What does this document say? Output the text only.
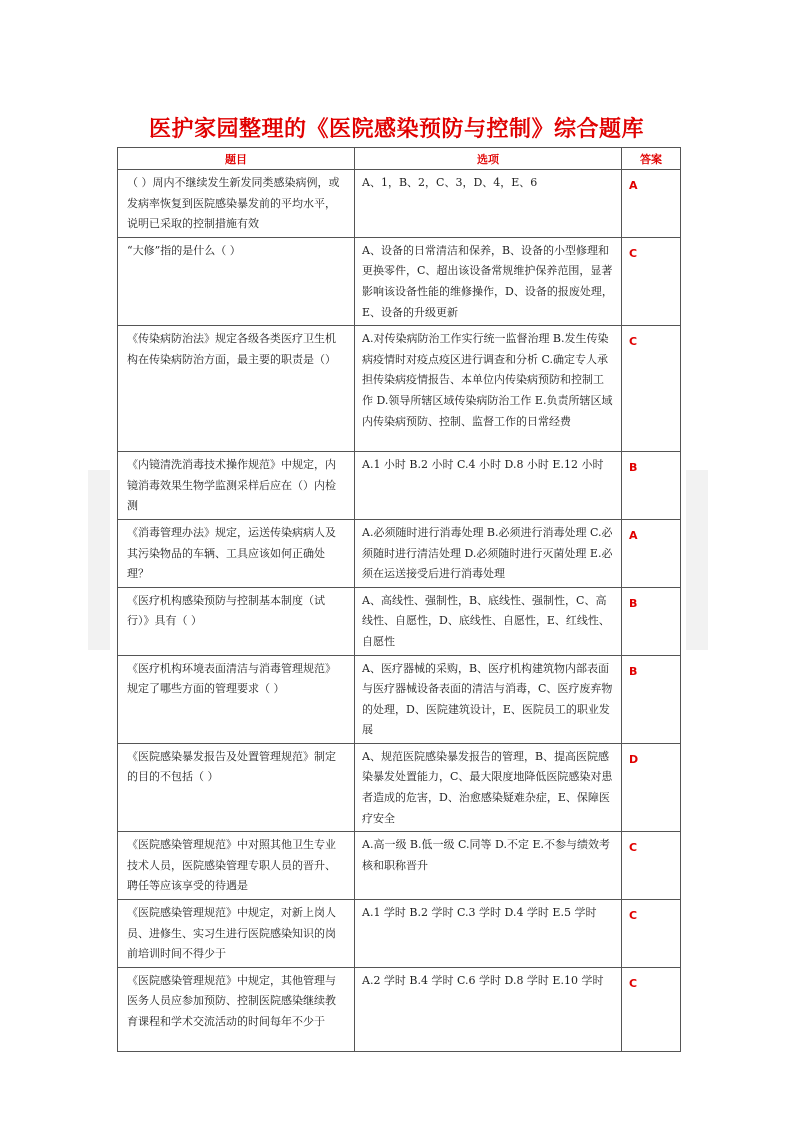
医护家园整理的《医院感染预防与控制》综合题库
题目	选项	答案
（ ）周内不继续发生新发同类感染病例，或发病率恢复到医院感染暴发前的平均水平，说明已采取的控制措施有效	A、1，B、2，C、3，D、4，E、6	A
“大修”指的是什么（ ）	A、设备的日常清洁和保养，B、设备的小型修理和更换零件，C、超出该设备常规维护保养范围，显著影响该设备性能的维修操作，D、设备的报废处理，E、设备的升级更新	C
《传染病防治法》规定各级各类医疗卫生机构在传染病防治方面，最主要的职责是（）	A.对传染病防治工作实行统一监督治理 B.发生传染病疫情时对疫点疫区进行调查和分析 C.确定专人承担传染病疫情报告、本单位内传染病预防和控制工作 D.领导所辖区域传染病防治工作 E.负责所辖区域内传染病预防、控制、监督工作的日常经费	C
《内镜清洗消毒技术操作规范》中规定，内镜消毒效果生物学监测采样后应在（）内检测	A.1 小时 B.2 小时 C.4 小时 D.8 小时 E.12 小时	B
《消毒管理办法》规定，运送传染病病人及其污染物品的车辆、工具应该如何正确处理？	A.必须随时进行消毒处理 B.必须进行消毒处理 C.必须随时进行清洁处理 D.必须随时进行灭菌处理 E.必须在运送接受后进行消毒处理	A
《医疗机构感染预防与控制基本制度（试行）》具有（ ）	A、高线性、强制性，B、底线性、强制性，C、高线性、自愿性，D、底线性、自愿性，E、红线性、自愿性	B
《医疗机构环境表面清洁与消毒管理规范》规定了哪些方面的管理要求（ ）	A、医疗器械的采购，B、医疗机构建筑物内部表面与医疗器械设备表面的清洁与消毒，C、医疗废弃物的处理，D、医院建筑设计，E、医院员工的职业发展	B
《医院感染暴发报告及处置管理规范》制定的目的不包括（ ）	A、规范医院感染暴发报告的管理，B、提高医院感染暴发处置能力，C、最大限度地降低医院感染对患者造成的危害，D、治愈感染疑难杂症，E、保障医疗安全	D
《医院感染管理规范》中对照其他卫生专业技术人员，医院感染管理专职人员的晋升、聘任等应该享受的待遇是	A.高一级 B.低一级 C.同等 D.不定 E.不参与绩效考核和职称晋升	C
《医院感染管理规范》中规定，对新上岗人员、进修生、实习生进行医院感染知识的岗前培训时间不得少于	A.1 学时 B.2 学时 C.3 学时 D.4 学时 E.5 学时	C
《医院感染管理规范》中规定，其他管理与医务人员应参加预防、控制医院感染继续教育课程和学术交流活动的时间每年不少于	A.2 学时 B.4 学时 C.6 学时 D.8 学时 E.10 学时	C
